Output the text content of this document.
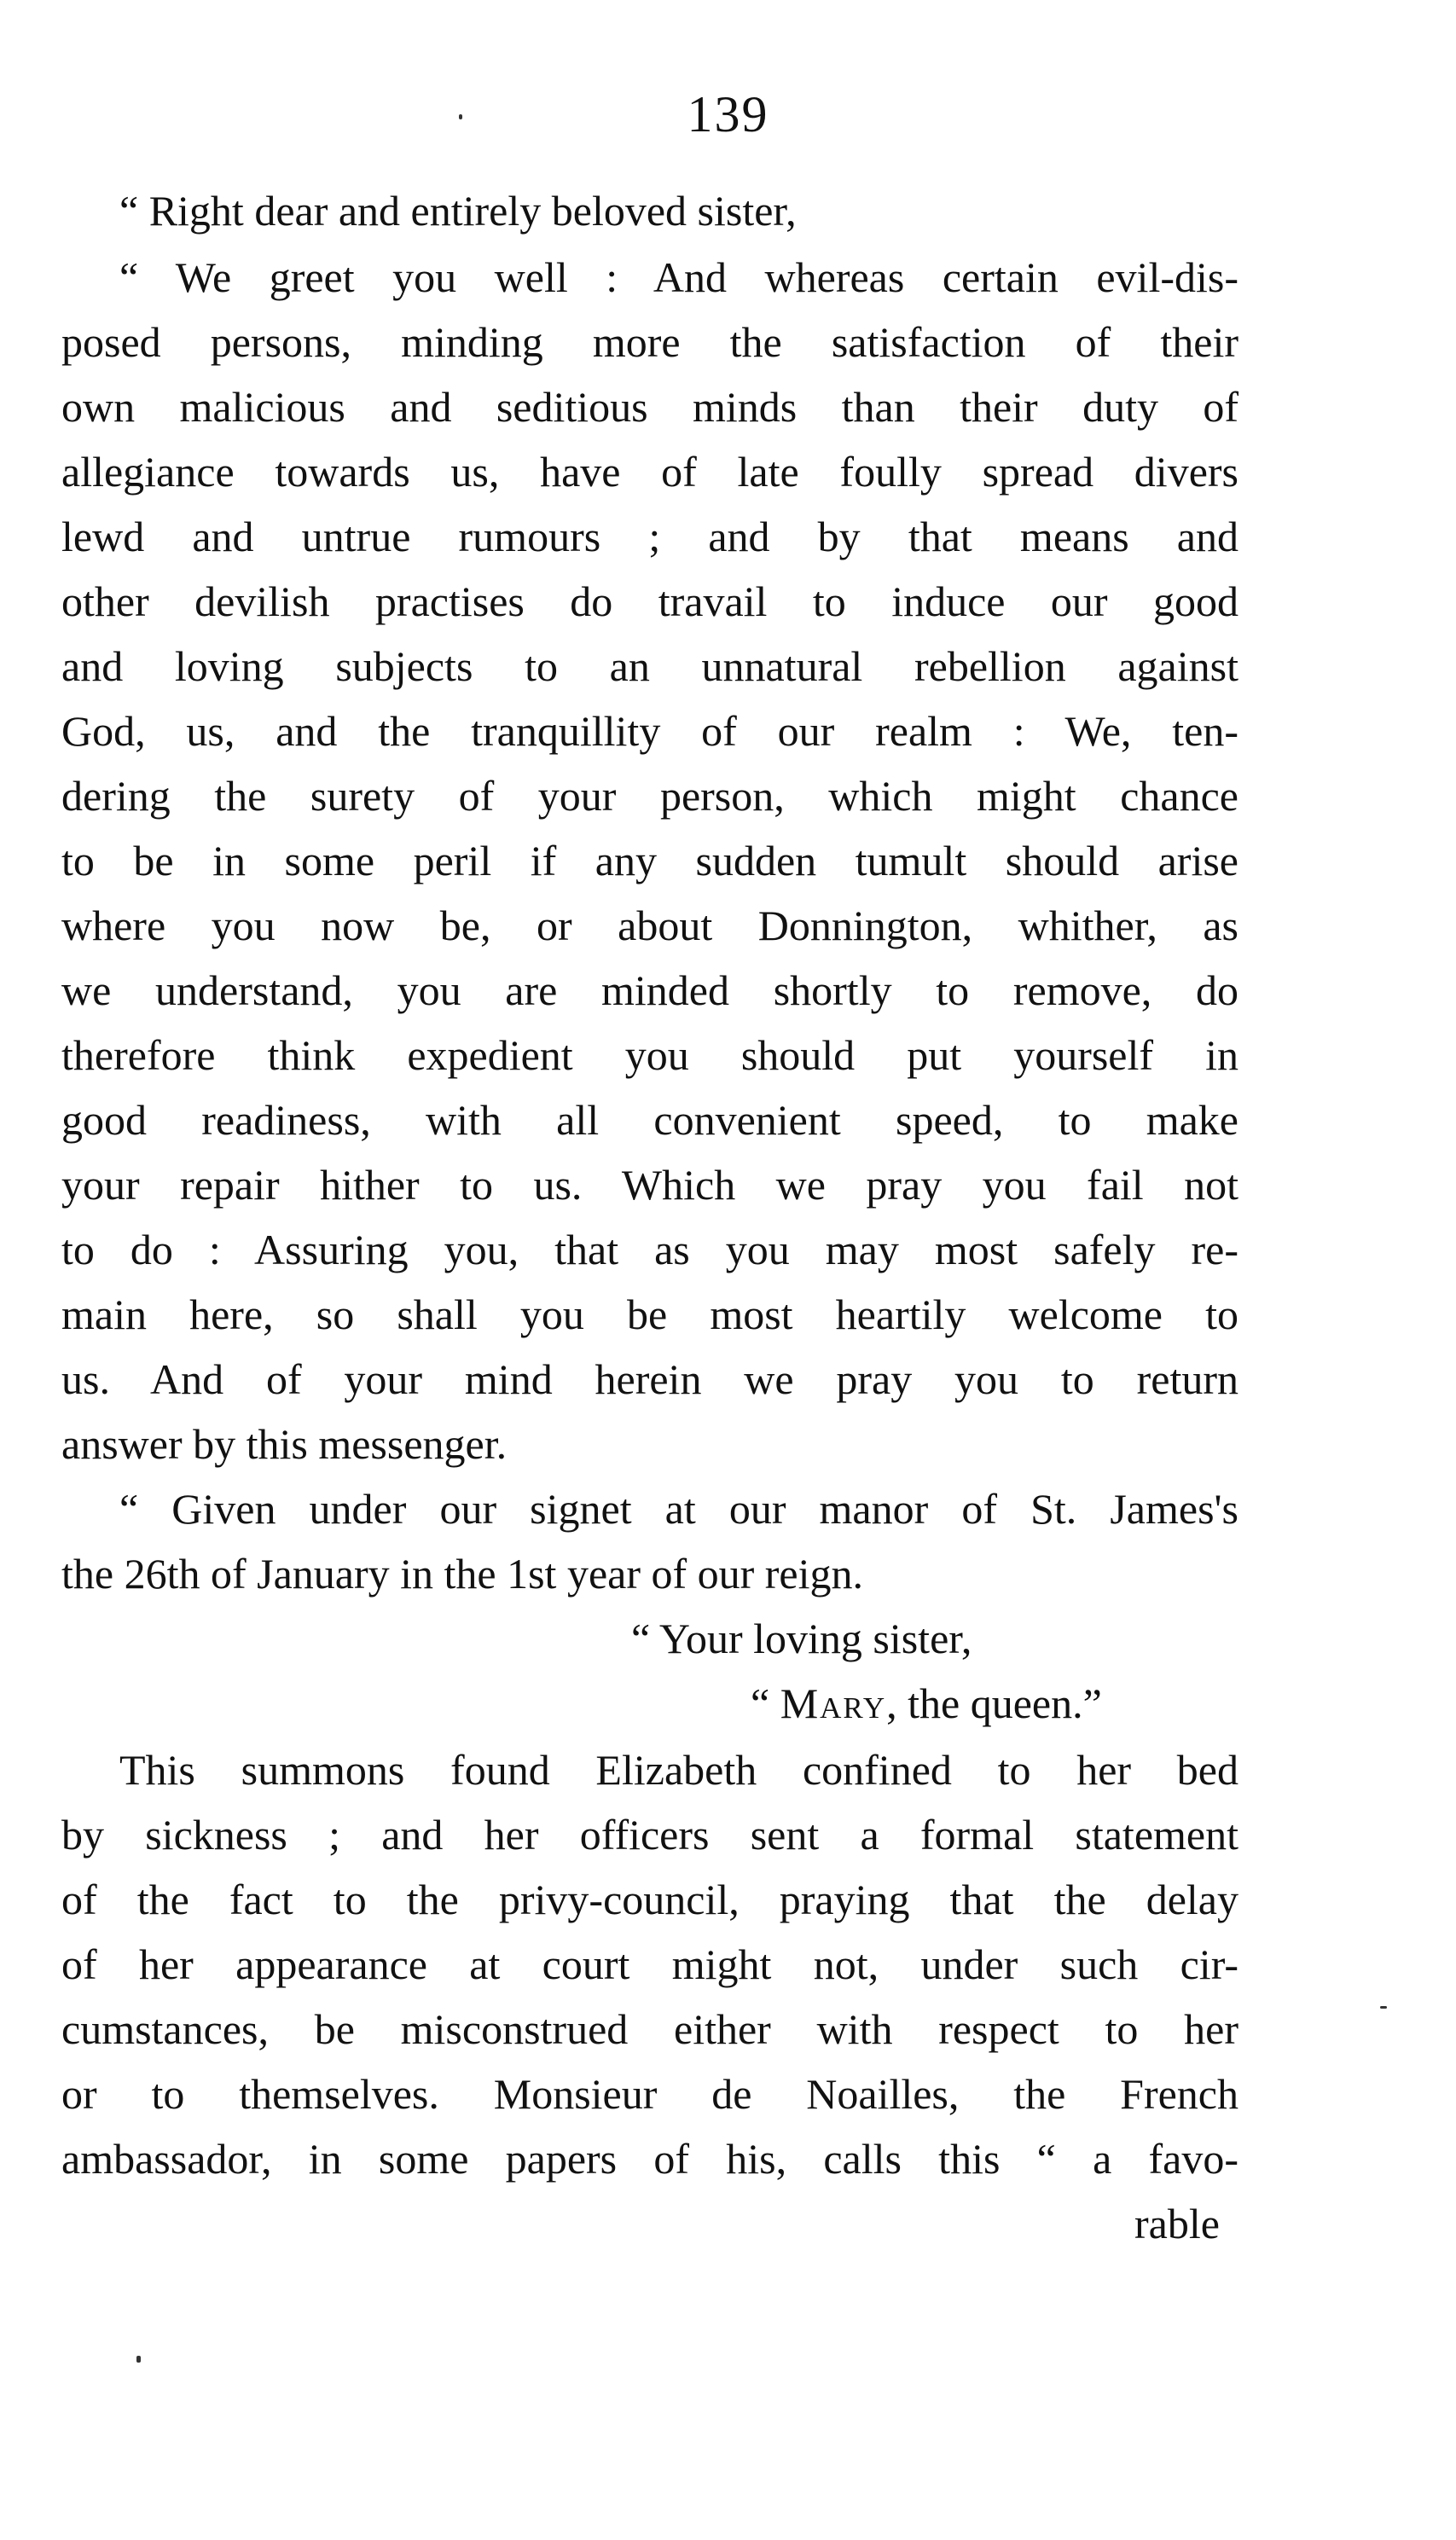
139
“ Right dear and entirely beloved sister,
“ We greet you well : And whereas certain evil-dis-
posed persons, minding more the satisfaction of their
own malicious and seditious minds than their duty of
allegiance towards us, have of late foully spread divers
lewd and untrue rumours ; and by that means and
other devilish practises do travail to induce our good
and loving subjects to an unnatural rebellion against
God, us, and the tranquillity of our realm : We, ten-
dering the surety of your person, which might chance
to be in some peril if any sudden tumult should arise
where you now be, or about Donnington, whither, as
we understand, you are minded shortly to remove, do
therefore think expedient you should put yourself in
good readiness, with all convenient speed, to make
your repair hither to us. Which we pray you fail not
to do : Assuring you, that as you may most safely re-
main here, so shall you be most heartily welcome to
us. And of your mind herein we pray you to return
answer by this messenger.
“ Given under our signet at our manor of St. James's
the 26th of January in the 1st year of our reign.
“ Your loving sister,
“ Mary, the queen.”
This summons found Elizabeth confined to her bed
by sickness ; and her officers sent a formal statement
of the fact to the privy-council, praying that the delay
of her appearance at court might not, under such cir-
cumstances, be misconstrued either with respect to her
or to themselves. Monsieur de Noailles, the French
ambassador, in some papers of his, calls this “ a favo-
rable
